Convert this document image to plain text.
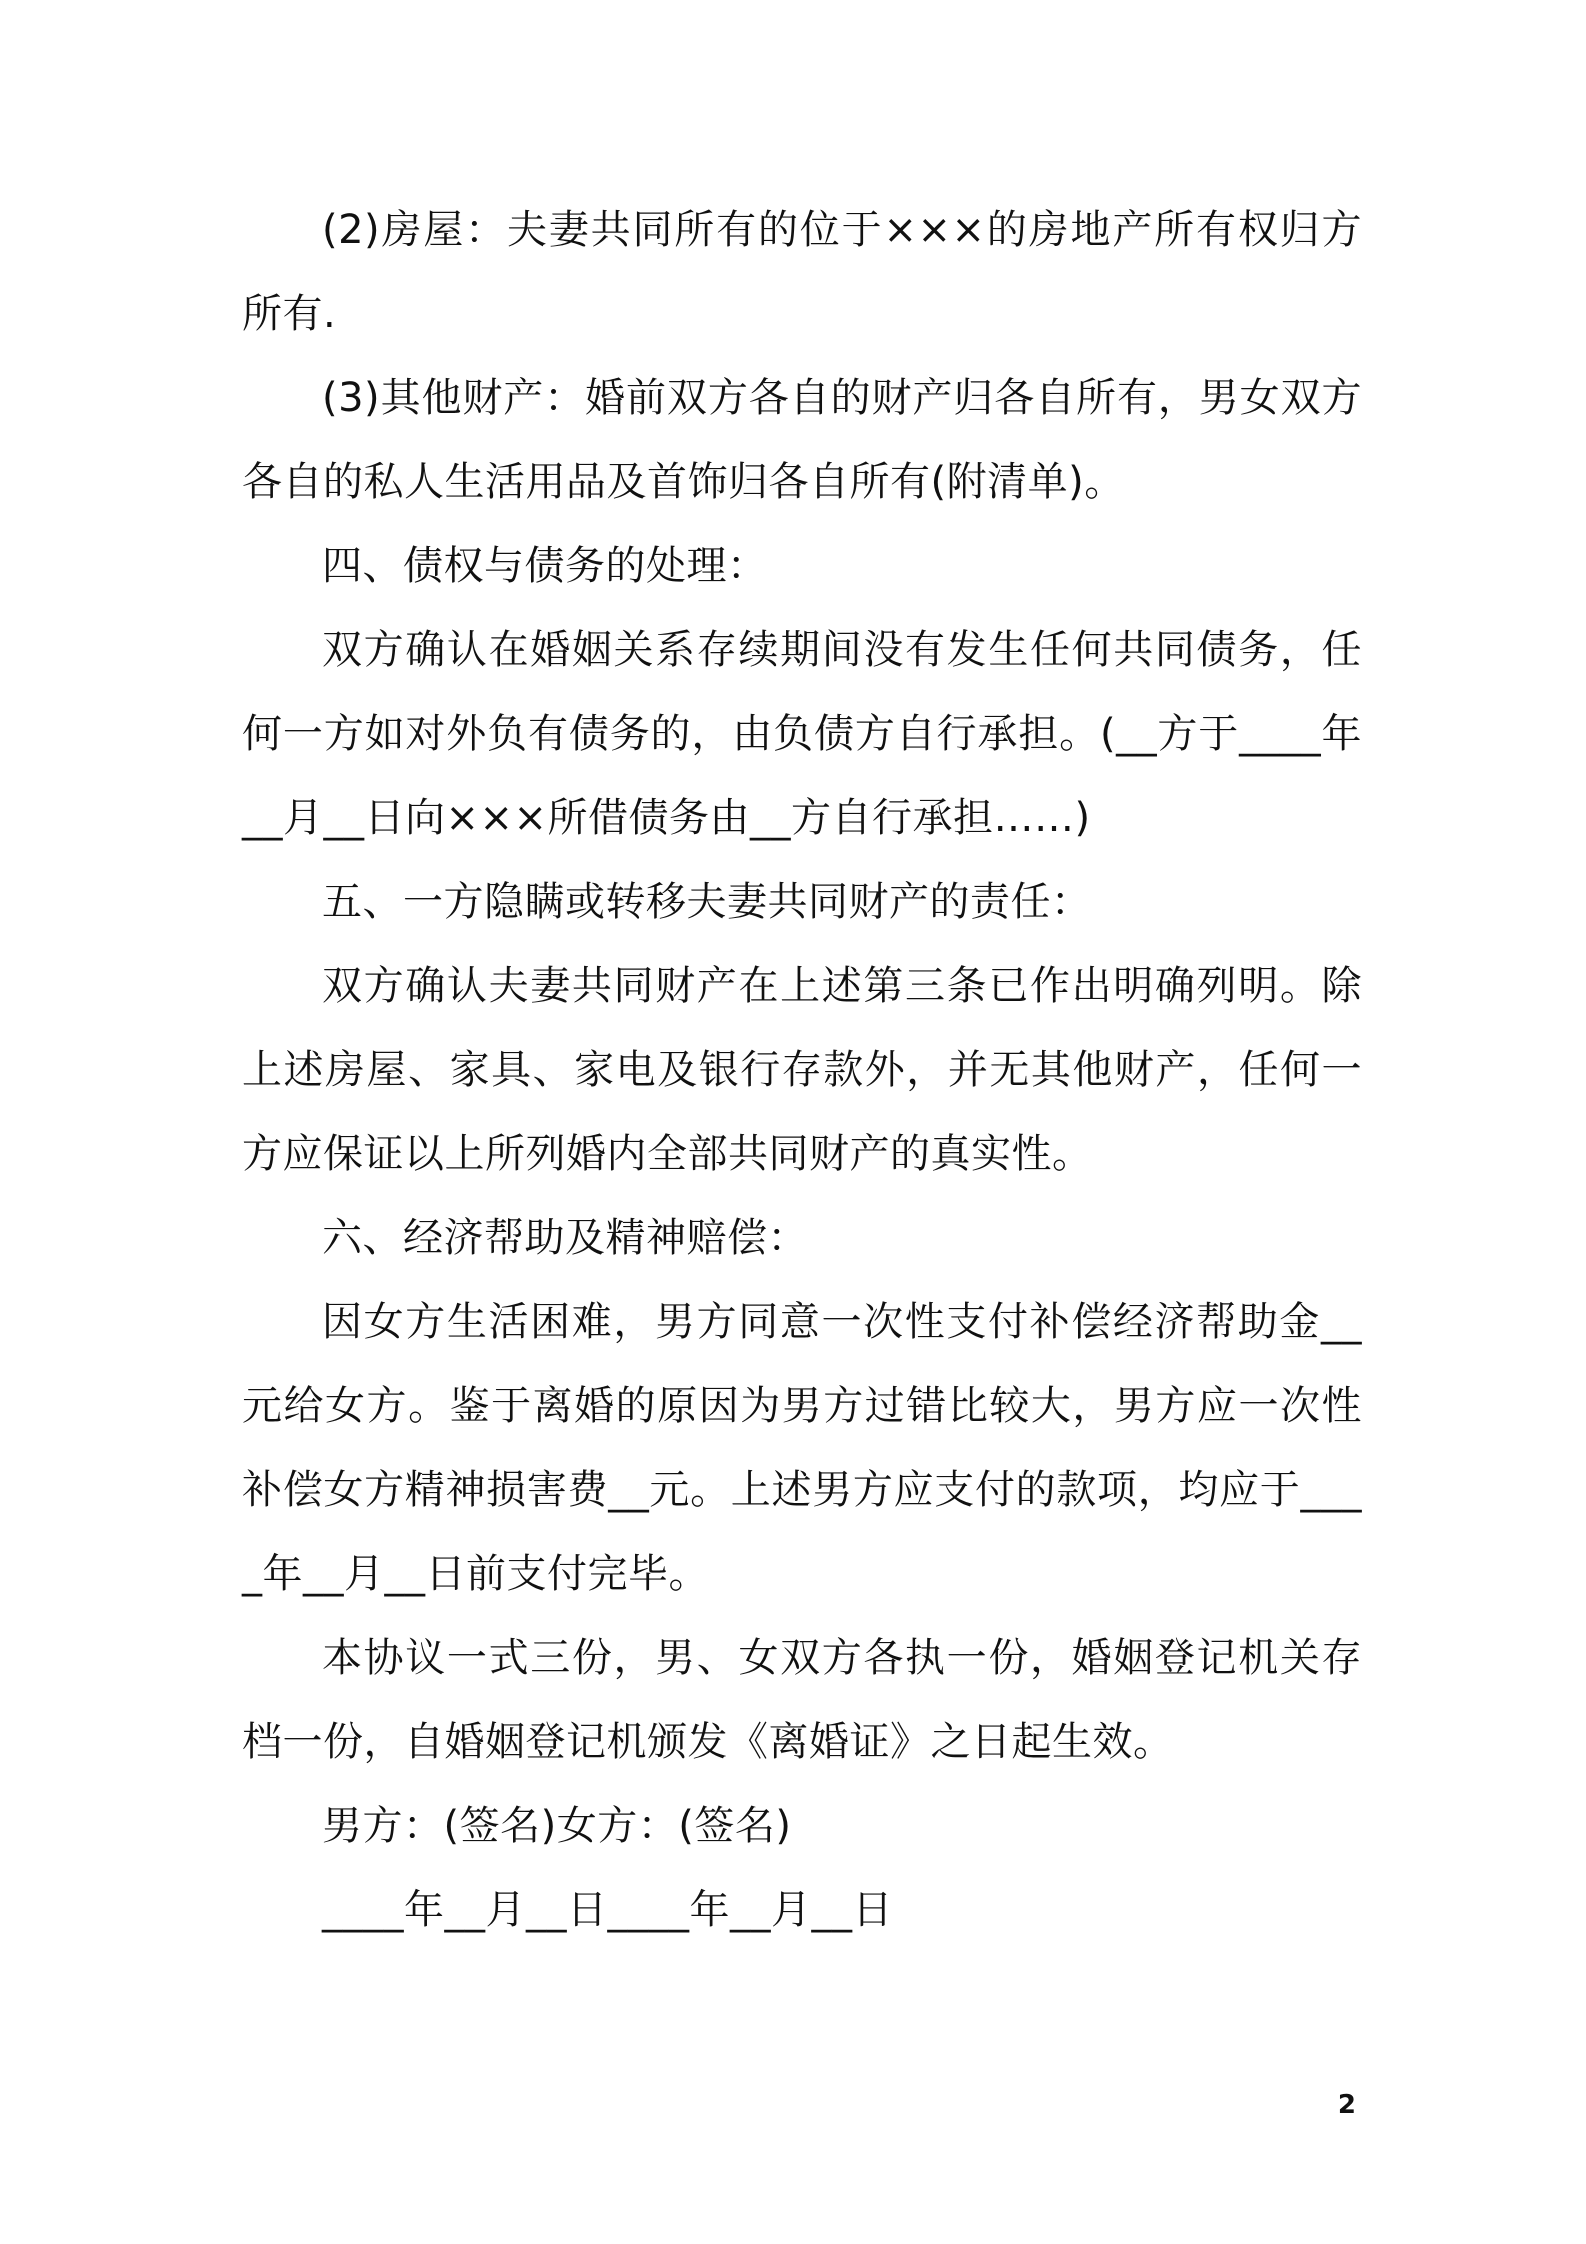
(2)房屋：夫妻共同所有的位于×××的房地产所有权归方所有.

(3)其他财产：婚前双方各自的财产归各自所有，男女双方各自的私人生活用品及首饰归各自所有(附清单)。

四、债权与债务的处理：

双方确认在婚姻关系存续期间没有发生任何共同债务，任何一方如对外负有债务的，由负债方自行承担。(__方于____年__月__日向×××所借债务由__方自行承担……)

五、一方隐瞒或转移夫妻共同财产的责任：

双方确认夫妻共同财产在上述第三条已作出明确列明。除上述房屋、家具、家电及银行存款外，并无其他财产，任何一方应保证以上所列婚内全部共同财产的真实性。

六、经济帮助及精神赔偿：

因女方生活困难，男方同意一次性支付补偿经济帮助金__元给女方。鉴于离婚的原因为男方过错比较大，男方应一次性补偿女方精神损害费__元。上述男方应支付的款项，均应于____年__月__日前支付完毕。

本协议一式三份，男、女双方各执一份，婚姻登记机关存档一份，自婚姻登记机颁发《离婚证》之日起生效。

男方：(签名)女方：(签名)

____年__月__日____年__月__日

2
